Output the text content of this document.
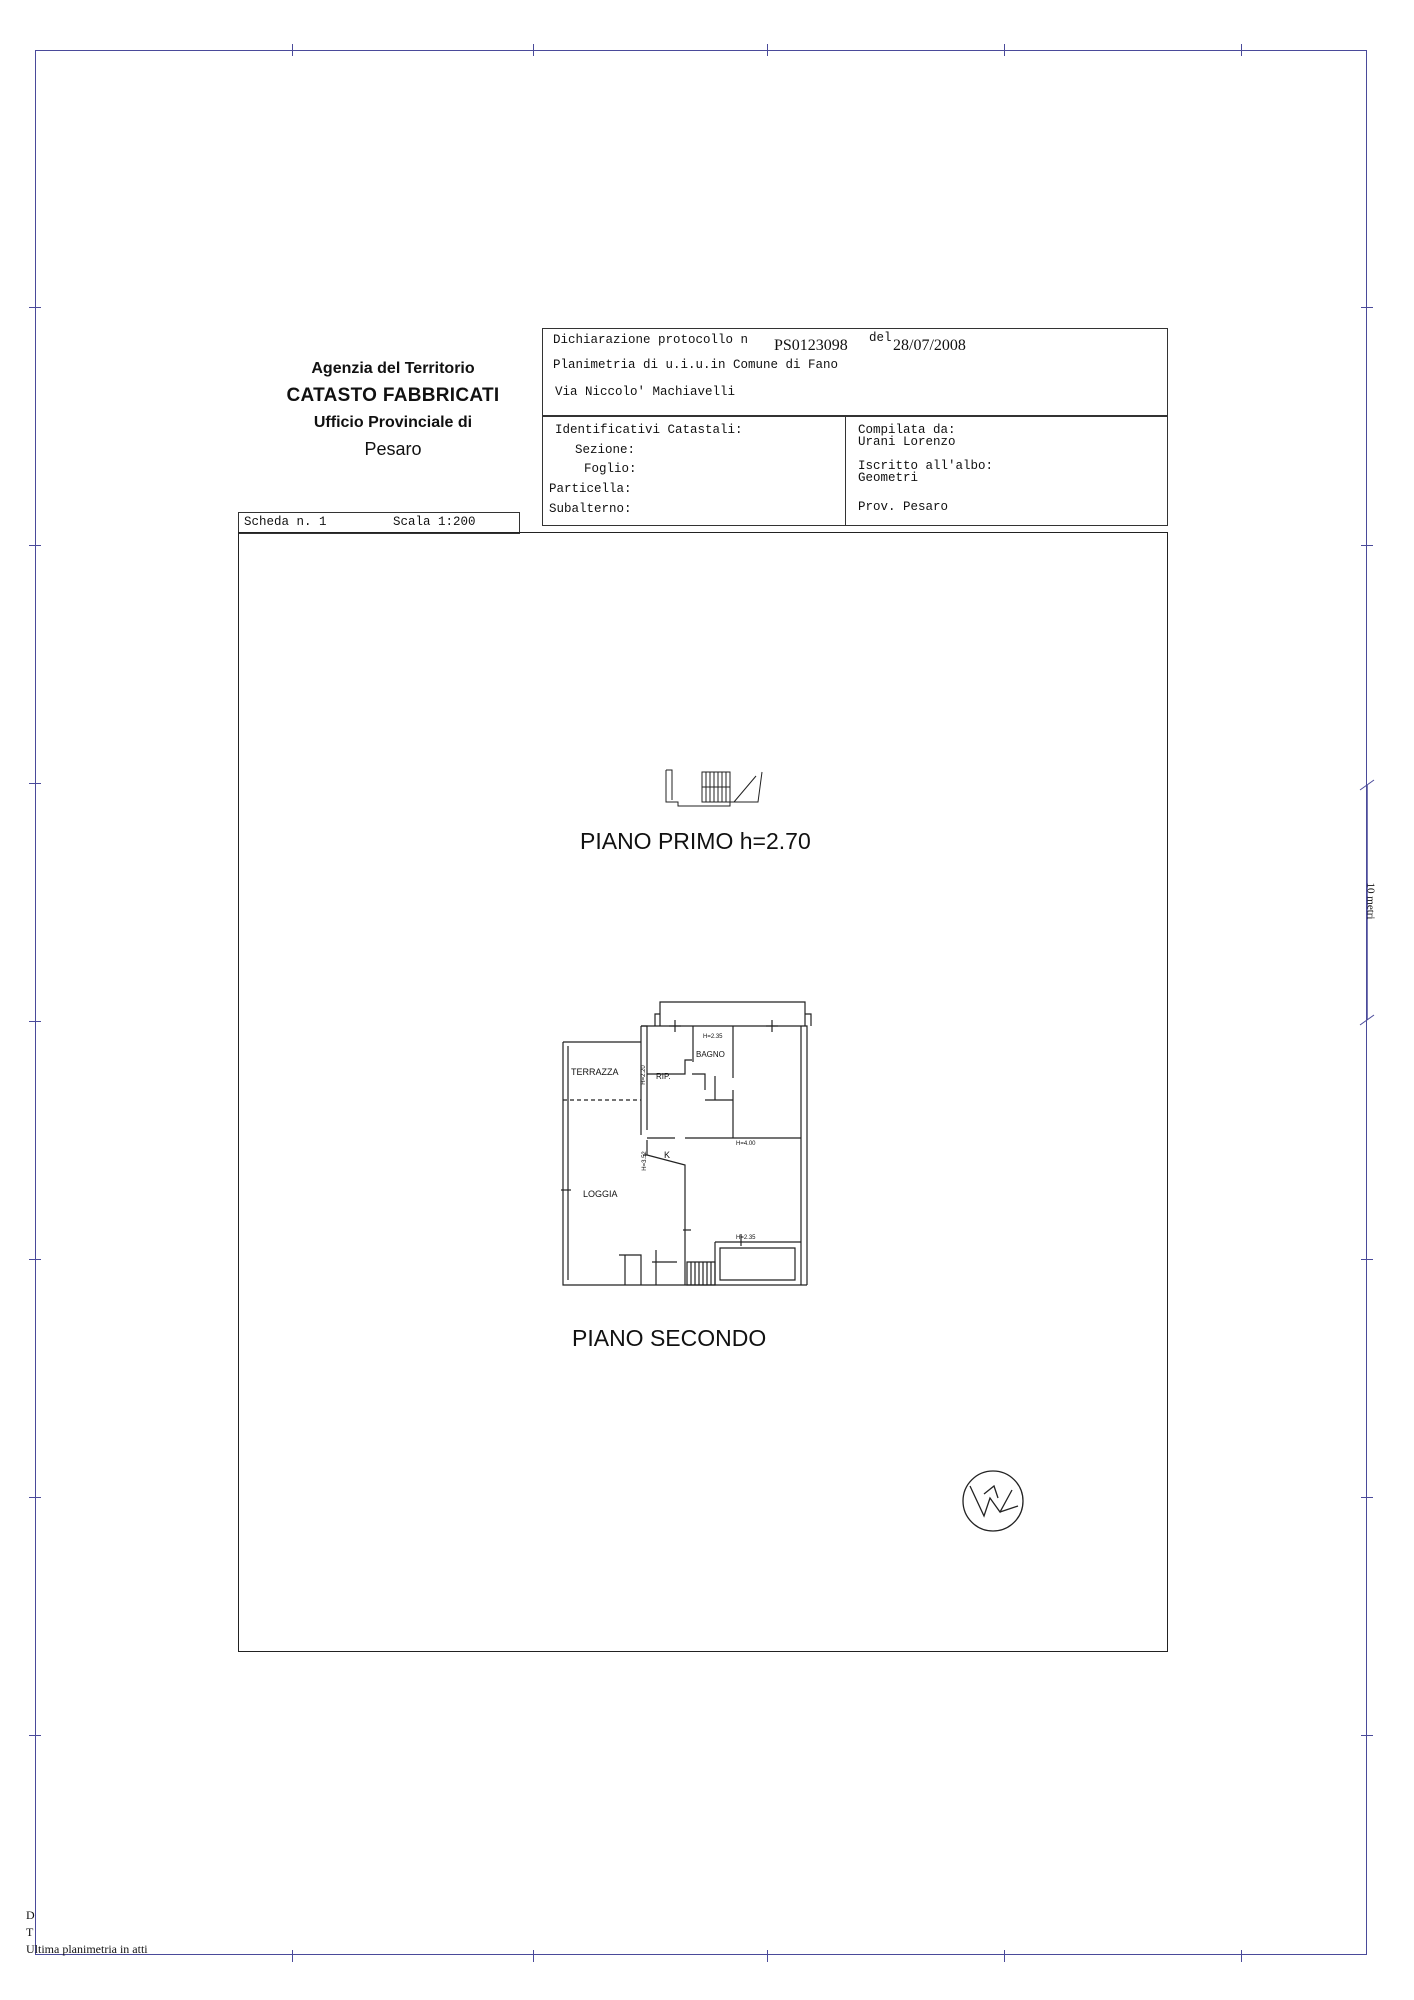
10 metri
Agenzia del Territorio
CATASTO FABBRICATI
Ufficio Provinciale di
Pesaro
Dichiarazione protocollo n PS0123098 del 28/07/2008
Planimetria di u.i.u.in Comune di Fano
Via Niccolo' Machiavelli
Identificativi Catastali:
Sezione:
Foglio:
Particella:
Subalterno:
Compilata da:
Urani Lorenzo
Iscritto all'albo:
Geometri
Prov. Pesaro
Scheda n. 1	Scala 1:200
PIANO PRIMO h=2.70
TERRAZZA	RIP.
BAGNO
K
LOGGIA
H=2.35
H=2.20
H=4.00
H=3.52
H=2.35
PIANO SECONDO
D
T
Ultima planimetria in atti
